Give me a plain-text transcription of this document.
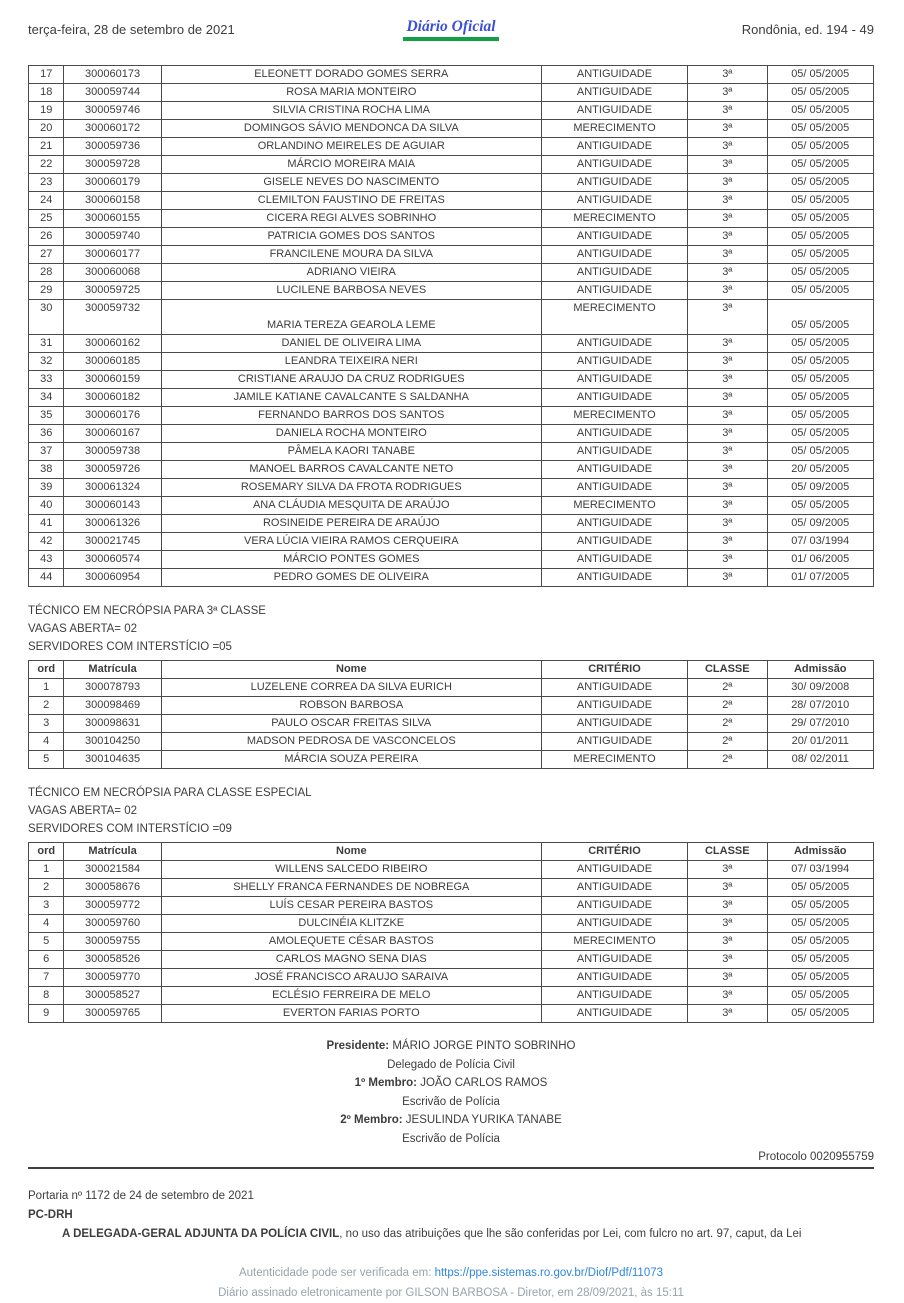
terça-feira, 28 de setembro de 2021	Diário Oficial	Rondônia, ed. 194 - 49
17	300060173	ELEONETT DORADO GOMES SERRA	ANTIGUIDADE	3ª	05/ 05/2005
18	300059744	ROSA MARIA MONTEIRO	ANTIGUIDADE	3ª	05/ 05/2005
19	300059746	SILVIA CRISTINA ROCHA LIMA	ANTIGUIDADE	3ª	05/ 05/2005
20	300060172	DOMINGOS SÁVIO MENDONCA DA SILVA	MERECIMENTO	3ª	05/ 05/2005
21	300059736	ORLANDINO MEIRELES DE AGUIAR	ANTIGUIDADE	3ª	05/ 05/2005
22	300059728	MÁRCIO MOREIRA MAIA	ANTIGUIDADE	3ª	05/ 05/2005
23	300060179	GISELE NEVES DO NASCIMENTO	ANTIGUIDADE	3ª	05/ 05/2005
24	300060158	CLEMILTON FAUSTINO DE FREITAS	ANTIGUIDADE	3ª	05/ 05/2005
25	300060155	CICERA REGI ALVES SOBRINHO	MERECIMENTO	3ª	05/ 05/2005
26	300059740	PATRICIA GOMES DOS SANTOS	ANTIGUIDADE	3ª	05/ 05/2005
27	300060177	FRANCILENE MOURA DA SILVA	ANTIGUIDADE	3ª	05/ 05/2005
28	300060068	ADRIANO VIEIRA	ANTIGUIDADE	3ª	05/ 05/2005
29	300059725	LUCILENE BARBOSA NEVES	ANTIGUIDADE	3ª	05/ 05/2005
30	300059732	MARIA TEREZA GEAROLA LEME	MERECIMENTO	3ª	05/ 05/2005
31	300060162	DANIEL DE OLIVEIRA LIMA	ANTIGUIDADE	3ª	05/ 05/2005
32	300060185	LEANDRA TEIXEIRA NERI	ANTIGUIDADE	3ª	05/ 05/2005
33	300060159	CRISTIANE ARAUJO DA CRUZ RODRIGUES	ANTIGUIDADE	3ª	05/ 05/2005
34	300060182	JAMILE KATIANE CAVALCANTE S SALDANHA	ANTIGUIDADE	3ª	05/ 05/2005
35	300060176	FERNANDO BARROS DOS SANTOS	MERECIMENTO	3ª	05/ 05/2005
36	300060167	DANIELA ROCHA MONTEIRO	ANTIGUIDADE	3ª	05/ 05/2005
37	300059738	PÂMELA KAORI TANABE	ANTIGUIDADE	3ª	05/ 05/2005
38	300059726	MANOEL BARROS CAVALCANTE NETO	ANTIGUIDADE	3ª	20/ 05/2005
39	300061324	ROSEMARY SILVA DA FROTA RODRIGUES	ANTIGUIDADE	3ª	05/ 09/2005
40	300060143	ANA CLÁUDIA MESQUITA DE ARAÚJO	MERECIMENTO	3ª	05/ 05/2005
41	300061326	ROSINEIDE PEREIRA DE ARAÚJO	ANTIGUIDADE	3ª	05/ 09/2005
42	300021745	VERA LÚCIA VIEIRA RAMOS CERQUEIRA	ANTIGUIDADE	3ª	07/ 03/1994
43	300060574	MÁRCIO PONTES GOMES	ANTIGUIDADE	3ª	01/ 06/2005
44	300060954	PEDRO GOMES DE OLIVEIRA	ANTIGUIDADE	3ª	01/ 07/2005
TÉCNICO EM NECRÓPSIA PARA 3ª CLASSE
VAGAS ABERTA= 02
SERVIDORES COM INTERSTÍCIO =05
ord	Matrícula	Nome	CRITÉRIO	CLASSE	Admissão
1	300078793	LUZELENE CORREA DA SILVA EURICH	ANTIGUIDADE	2ª	30/ 09/2008
2	300098469	ROBSON BARBOSA	ANTIGUIDADE	2ª	28/ 07/2010
3	300098631	PAULO OSCAR FREITAS SILVA	ANTIGUIDADE	2ª	29/ 07/2010
4	300104250	MADSON PEDROSA DE VASCONCELOS	ANTIGUIDADE	2ª	20/ 01/2011
5	300104635	MÁRCIA SOUZA PEREIRA	MERECIMENTO	2ª	08/ 02/2011
TÉCNICO EM NECRÓPSIA PARA CLASSE ESPECIAL
VAGAS ABERTA= 02
SERVIDORES COM INTERSTÍCIO =09
ord	Matrícula	Nome	CRITÉRIO	CLASSE	Admissão
1	300021584	WILLENS SALCEDO RIBEIRO	ANTIGUIDADE	3ª	07/ 03/1994
2	300058676	SHELLY FRANCA FERNANDES DE NOBREGA	ANTIGUIDADE	3ª	05/ 05/2005
3	300059772	LUÍS CESAR PEREIRA BASTOS	ANTIGUIDADE	3ª	05/ 05/2005
4	300059760	DULCINÉIA KLITZKE	ANTIGUIDADE	3ª	05/ 05/2005
5	300059755	AMOLEQUETE CÉSAR BASTOS	MERECIMENTO	3ª	05/ 05/2005
6	300058526	CARLOS MAGNO SENA DIAS	ANTIGUIDADE	3ª	05/ 05/2005
7	300059770	JOSÉ FRANCISCO ARAUJO SARAIVA	ANTIGUIDADE	3ª	05/ 05/2005
8	300058527	ECLÉSIO FERREIRA DE MELO	ANTIGUIDADE	3ª	05/ 05/2005
9	300059765	EVERTON FARIAS PORTO	ANTIGUIDADE	3ª	05/ 05/2005
Presidente: MÁRIO JORGE PINTO SOBRINHO
Delegado de Polícia Civil
1º Membro: JOÃO CARLOS RAMOS
Escrivão de Polícia
2º Membro: JESULINDA YURIKA TANABE
Escrivão de Polícia
Protocolo 0020955759

Portaria nº 1172 de 24 de setembro de 2021

PC-DRH

A DELEGADA-GERAL ADJUNTA DA POLÍCIA CIVIL, no uso das atribuições que lhe são conferidas por Lei, com fulcro no art. 97, caput, da Lei

Autenticidade pode ser verificada em: https://ppe.sistemas.ro.gov.br/Diof/Pdf/11073
Diário assinado eletronicamente por GILSON BARBOSA - Diretor, em 28/09/2021, às 15:11
